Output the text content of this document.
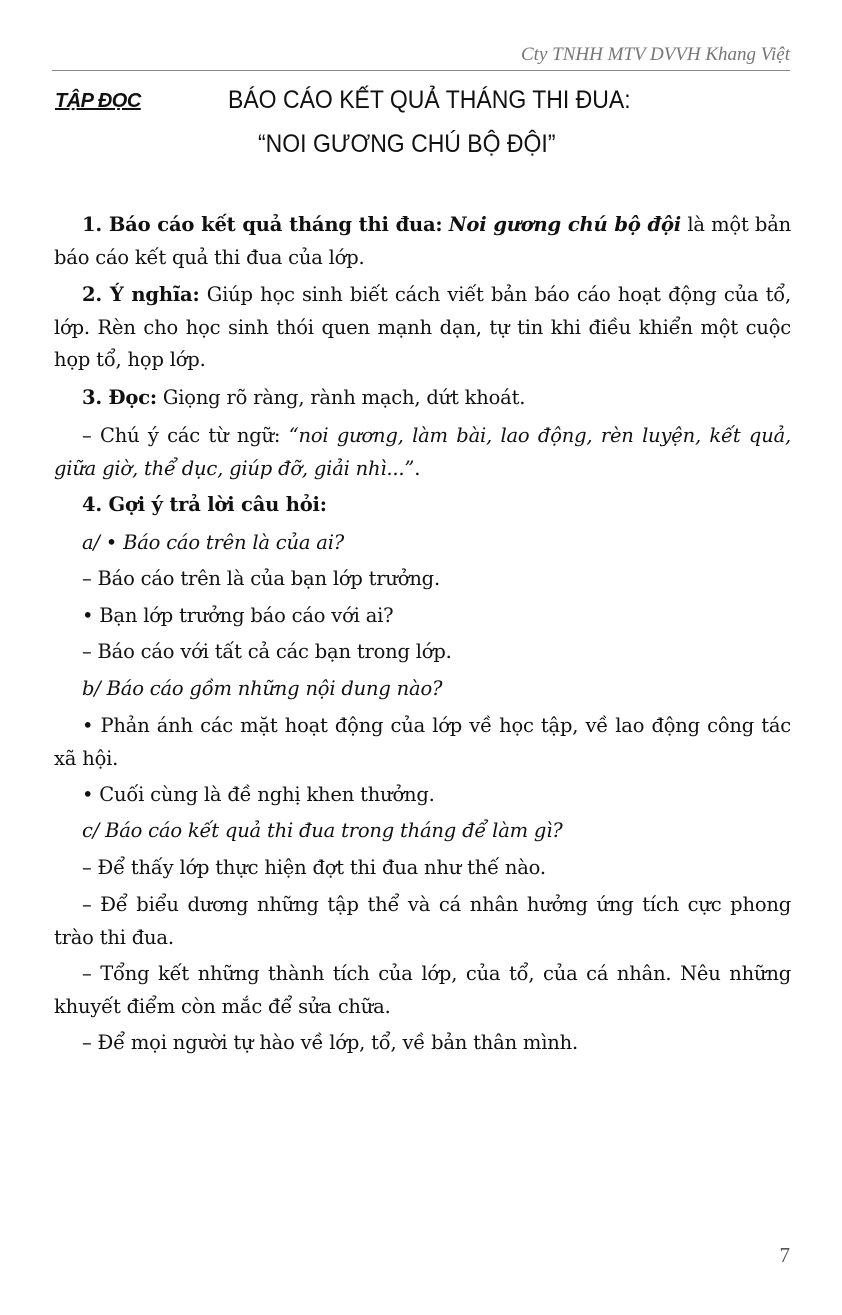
Cty TNHH MTV DVVH Khang Việt
TẬP ĐỌC	BÁO CÁO KẾT QUẢ THÁNG THI ĐUA:
“NOI GƯƠNG CHÚ BỘ ĐỘI”
1. Báo cáo kết quả tháng thi đua: Noi gương chú bộ đội là một bản báo cáo kết quả thi đua của lớp.
2. Ý nghĩa: Giúp học sinh biết cách viết bản báo cáo hoạt động của tổ, lớp. Rèn cho học sinh thói quen mạnh dạn, tự tin khi điều khiển một cuộc họp tổ, họp lớp.
3. Đọc: Giọng rõ ràng, rành mạch, dứt khoát.
– Chú ý các từ ngữ: “noi gương, làm bài, lao động, rèn luyện, kết quả, giữa giờ, thể dục, giúp đỡ, giải nhì...”.
4. Gợi ý trả lời câu hỏi:
a/ • Báo cáo trên là của ai?
– Báo cáo trên là của bạn lớp trưởng.
• Bạn lớp trưởng báo cáo với ai?
– Báo cáo với tất cả các bạn trong lớp.
b/ Báo cáo gồm những nội dung nào?
• Phản ánh các mặt hoạt động của lớp về học tập, về lao động công tác xã hội.
• Cuối cùng là đề nghị khen thưởng.
c/ Báo cáo kết quả thi đua trong tháng để làm gì?
– Để thấy lớp thực hiện đợt thi đua như thế nào.
– Để biểu dương những tập thể và cá nhân hưởng ứng tích cực phong trào thi đua.
– Tổng kết những thành tích của lớp, của tổ, của cá nhân. Nêu những khuyết điểm còn mắc để sửa chữa.
– Để mọi người tự hào về lớp, tổ, về bản thân mình.
7
